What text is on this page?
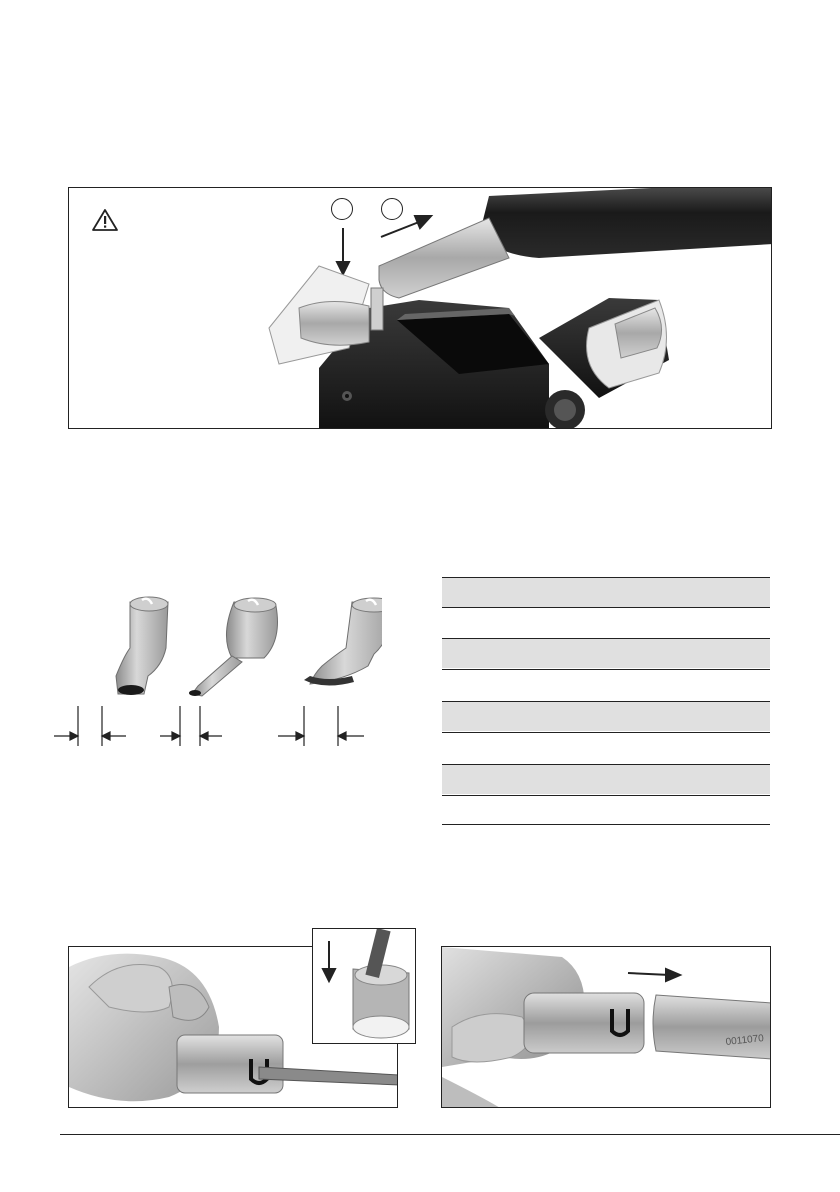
0011070
